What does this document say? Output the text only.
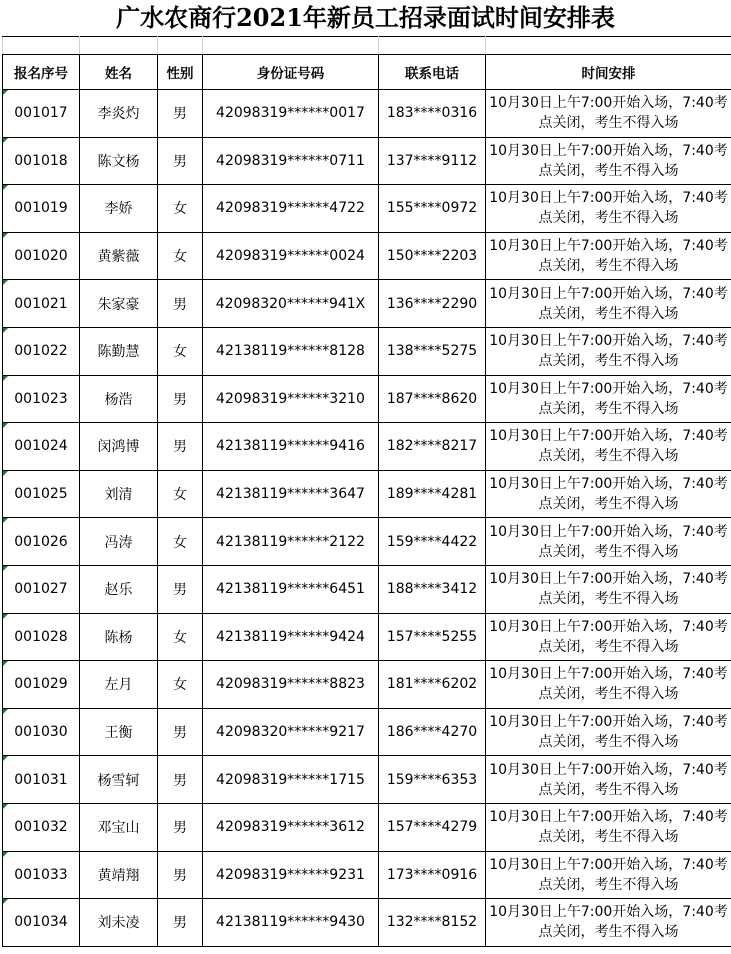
广水农商行2021年新员工招录面试时间安排表

报名序号	姓名	性别	身份证号码	联系电话	时间安排
001017	李炎灼	男	42098319******0017	183****0316	10月30日上午7:00开始入场，7:40考点关闭，考生不得入场
001018	陈文杨	男	42098319******0711	137****9112	10月30日上午7:00开始入场，7:40考点关闭，考生不得入场
001019	李娇	女	42098319******4722	155****0972	10月30日上午7:00开始入场，7:40考点关闭，考生不得入场
001020	黄紫薇	女	42098319******0024	150****2203	10月30日上午7:00开始入场，7:40考点关闭，考生不得入场
001021	朱家豪	男	42098320******941X	136****2290	10月30日上午7:00开始入场，7:40考点关闭，考生不得入场
001022	陈勤慧	女	42138119******8128	138****5275	10月30日上午7:00开始入场，7:40考点关闭，考生不得入场
001023	杨浩	男	42098319******3210	187****8620	10月30日上午7:00开始入场，7:40考点关闭，考生不得入场
001024	闵鸿博	男	42138119******9416	182****8217	10月30日上午7:00开始入场，7:40考点关闭，考生不得入场
001025	刘清	女	42138119******3647	189****4281	10月30日上午7:00开始入场，7:40考点关闭，考生不得入场
001026	冯涛	女	42138119******2122	159****4422	10月30日上午7:00开始入场，7:40考点关闭，考生不得入场
001027	赵乐	男	42138119******6451	188****3412	10月30日上午7:00开始入场，7:40考点关闭，考生不得入场
001028	陈杨	女	42138119******9424	157****5255	10月30日上午7:00开始入场，7:40考点关闭，考生不得入场
001029	左月	女	42098319******8823	181****6202	10月30日上午7:00开始入场，7:40考点关闭，考生不得入场
001030	王衡	男	42098320******9217	186****4270	10月30日上午7:00开始入场，7:40考点关闭，考生不得入场
001031	杨雪轲	男	42098319******1715	159****6353	10月30日上午7:00开始入场，7:40考点关闭，考生不得入场
001032	邓宝山	男	42098319******3612	157****4279	10月30日上午7:00开始入场，7:40考点关闭，考生不得入场
001033	黄靖翔	男	42098319******9231	173****0916	10月30日上午7:00开始入场，7:40考点关闭，考生不得入场
001034	刘未凌	男	42138119******9430	132****8152	10月30日上午7:00开始入场，7:40考点关闭，考生不得入场
